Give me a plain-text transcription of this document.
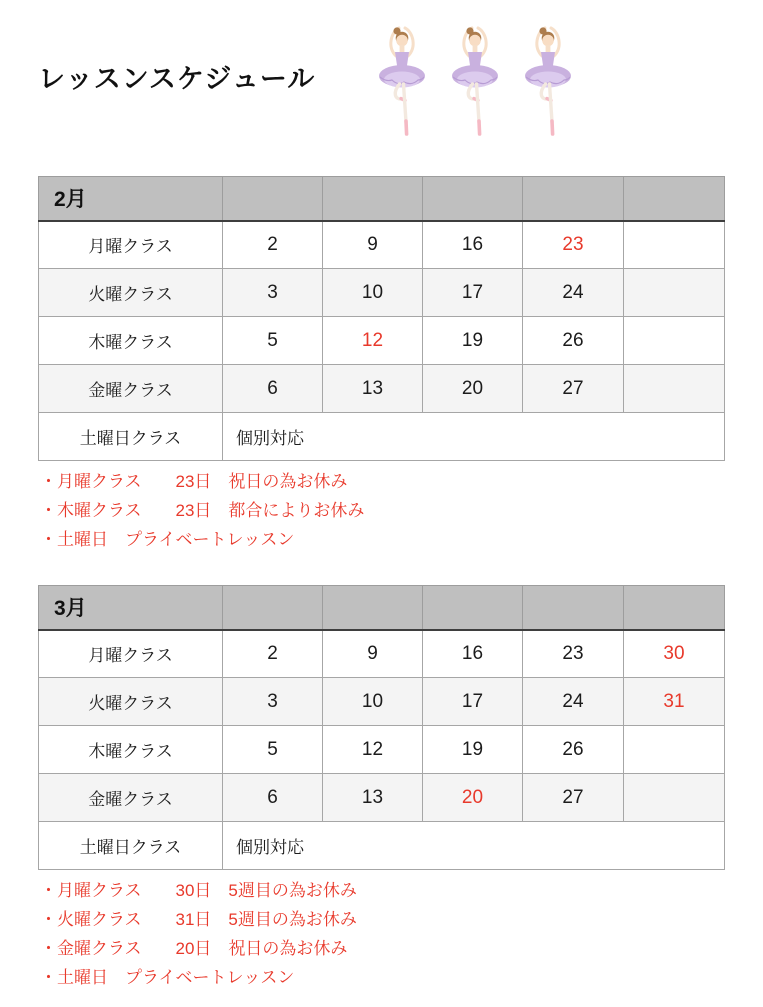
レッスンスケジュール
2月					
月曜クラス	2	9	16	23	
火曜クラス	3	10	17	24	
木曜クラス	5	12	19	26	
金曜クラス	6	13	20	27	
土曜日クラス	個別対応				
・月曜クラス　　23日　祝日の為お休み
・木曜クラス　　23日　都合によりお休み
・土曜日　プライベートレッスン
3月					
月曜クラス	2	9	16	23	30
火曜クラス	3	10	17	24	31
木曜クラス	5	12	19	26	
金曜クラス	6	13	20	27	
土曜日クラス	個別対応				
・月曜クラス　　30日　5週目の為お休み
・火曜クラス　　31日　5週目の為お休み
・金曜クラス　　20日　祝日の為お休み
・土曜日　プライベートレッスン
